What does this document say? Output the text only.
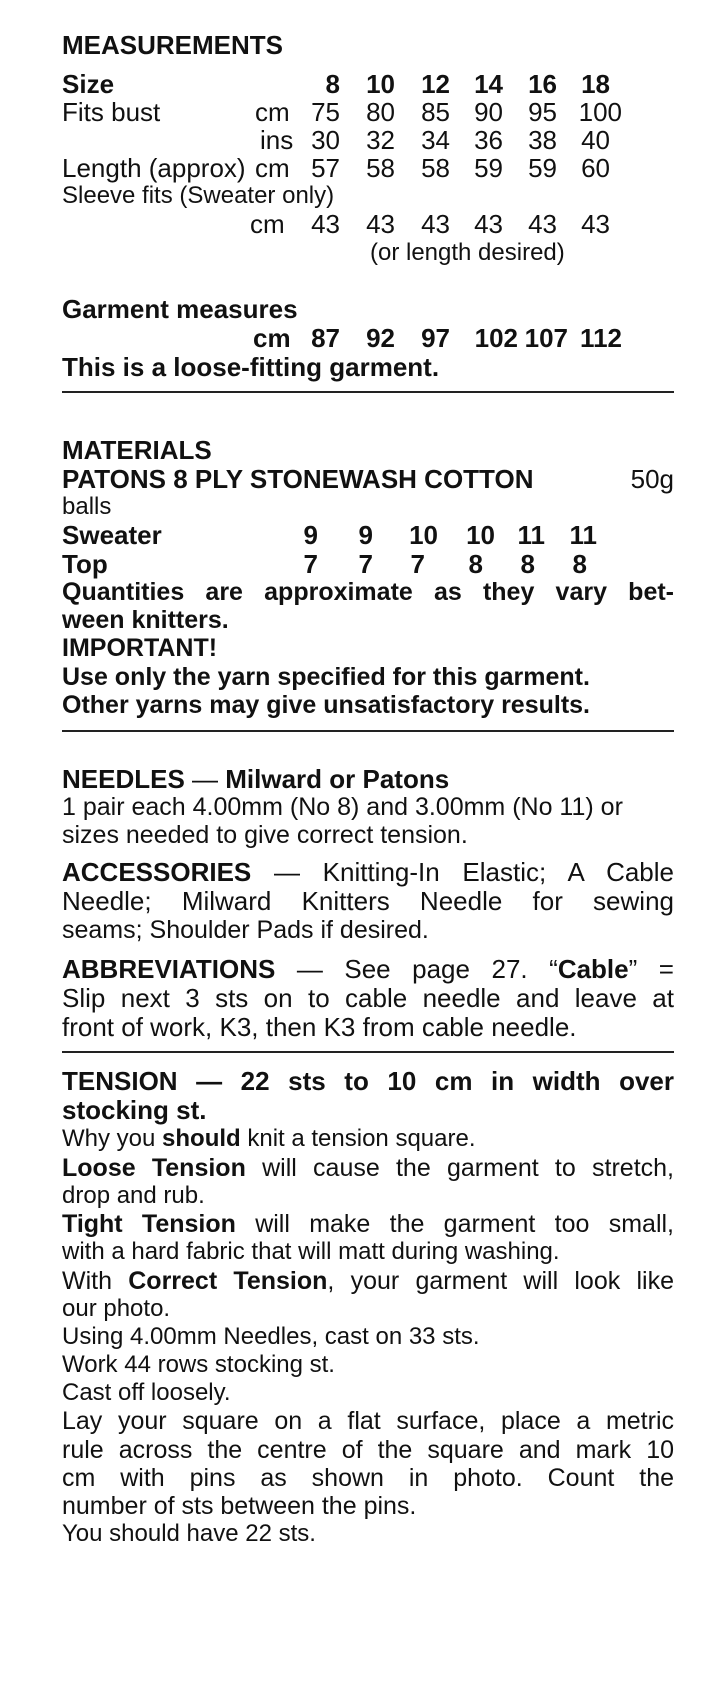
MEASUREMENTS
Size	8	10	12 14 16 18
Fits bust	cm 75	80	85 90 95 100
ins 30	32	34 36 38 40
Length (approx) cm 57	58	58 59 59 60
Sleeve fits (Sweater only)
cm	43	43	43 43 43 43
(or length desired)
Garment measures
cm 87	92	97 102 107 112
This is a loose-fitting garment.
MATERIALS
PATONS 8 PLY STONEWASH COTTON	50g
balls
Sweater	9	9	10	10 11 11
Top	7	7	7	8	8	8
Quantities are approximate as they vary bet-
ween knitters.
IMPORTANT!
Use only the yarn specified for this garment.
Other yarns may give unsatisfactory results.
NEEDLES — Milward or Patons
1 pair each 4.00mm (No 8) and 3.00mm (No 11) or
sizes needed to give correct tension.
ACCESSORIES — Knitting-In Elastic; A Cable
Needle; Milward Knitters Needle for sewing
seams; Shoulder Pads if desired.
ABBREVIATIONS — See page 27. “Cable” =
Slip next 3 sts on to cable needle and leave at
front of work, K3, then K3 from cable needle.
TENSION — 22 sts to 10 cm in width over
stocking st.
Why you should knit a tension square.
Loose Tension will cause the garment to stretch,
drop and rub.
Tight Tension will make the garment too small,
with a hard fabric that will matt during washing.
With Correct Tension, your garment will look like
our photo.
Using 4.00mm Needles, cast on 33 sts.
Work 44 rows stocking st.
Cast off loosely.
Lay your square on a flat surface, place a metric
rule across the centre of the square and mark 10
cm with pins as shown in photo. Count the
number of sts between the pins.
You should have 22 sts.
